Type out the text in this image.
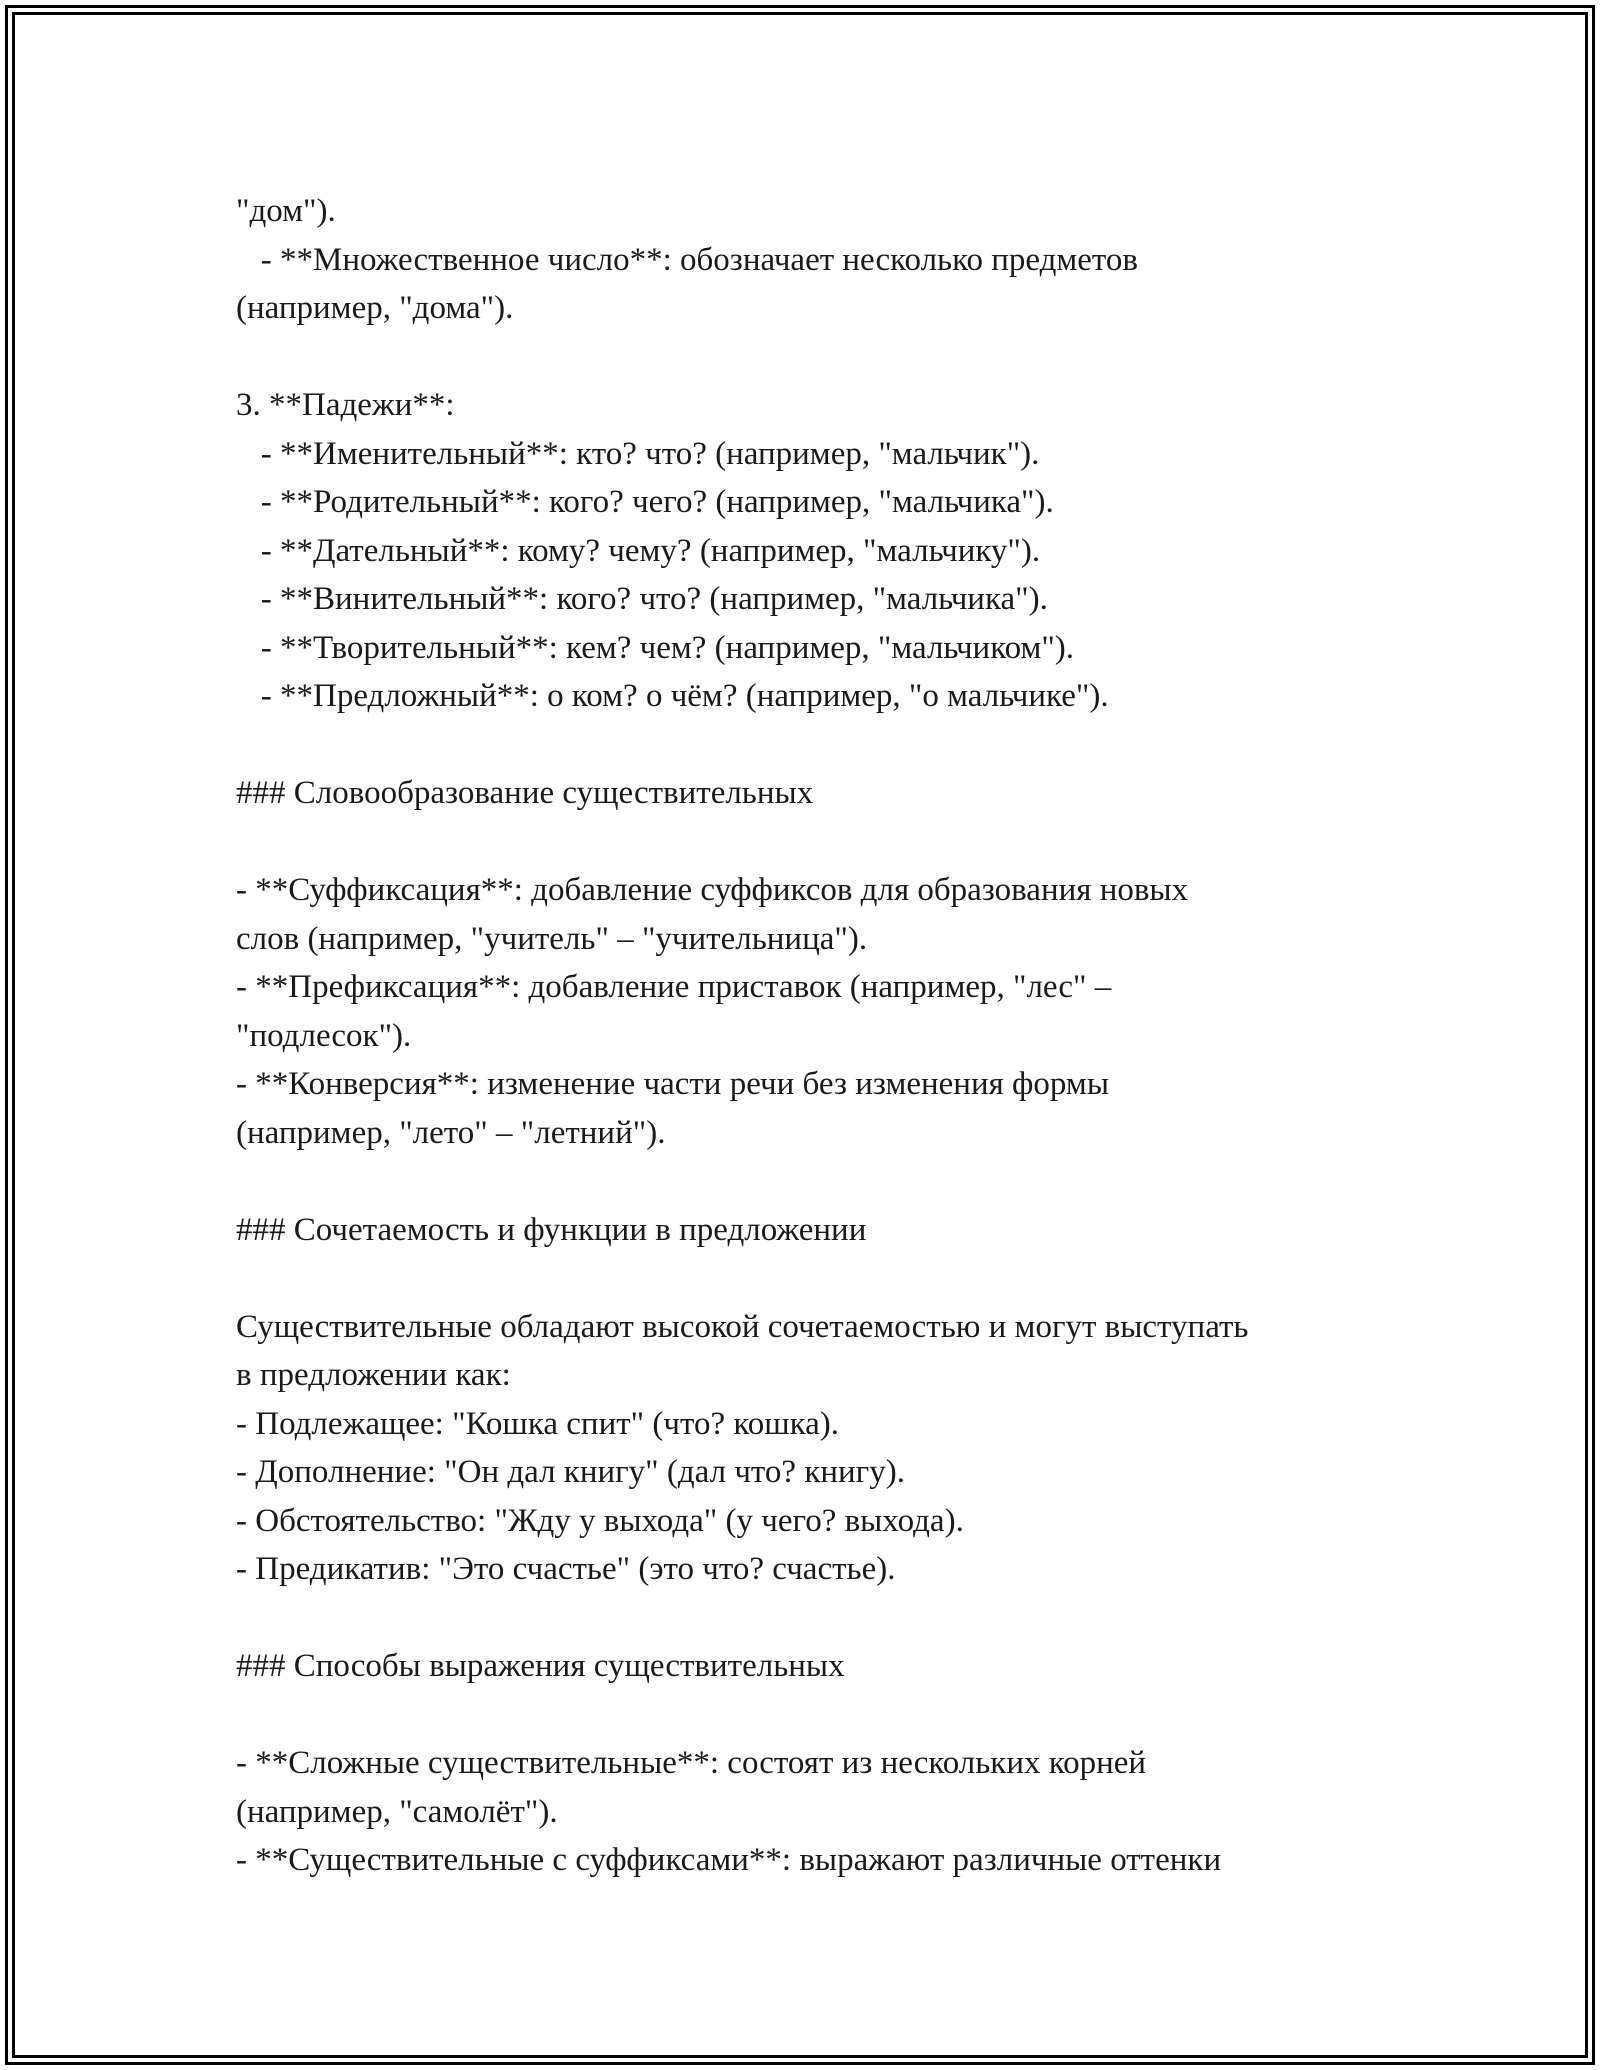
"дом").
- **Множественное число**: обозначает несколько предметов
(например, "дома").
3. **Падежи**:
- **Именительный**: кто? что? (например, "мальчик").
- **Родительный**: кого? чего? (например, "мальчика").
- **Дательный**: кому? чему? (например, "мальчику").
- **Винительный**: кого? что? (например, "мальчика").
- **Творительный**: кем? чем? (например, "мальчиком").
- **Предложный**: о ком? о чём? (например, "о мальчике").
### Словообразование существительных
- **Суффиксация**: добавление суффиксов для образования новых
слов (например, "учитель" – "учительница").
- **Префиксация**: добавление приставок (например, "лес" –
"подлесок").
- **Конверсия**: изменение части речи без изменения формы
(например, "лето" – "летний").
### Сочетаемость и функции в предложении
Существительные обладают высокой сочетаемостью и могут выступать
в предложении как:
- Подлежащее: "Кошка спит" (что? кошка).
- Дополнение: "Он дал книгу" (дал что? книгу).
- Обстоятельство: "Жду у выхода" (у чего? выхода).
- Предикатив: "Это счастье" (это что? счастье).
### Способы выражения существительных
- **Сложные существительные**: состоят из нескольких корней
(например, "самолёт").
- **Существительные с суффиксами**: выражают различные оттенки
